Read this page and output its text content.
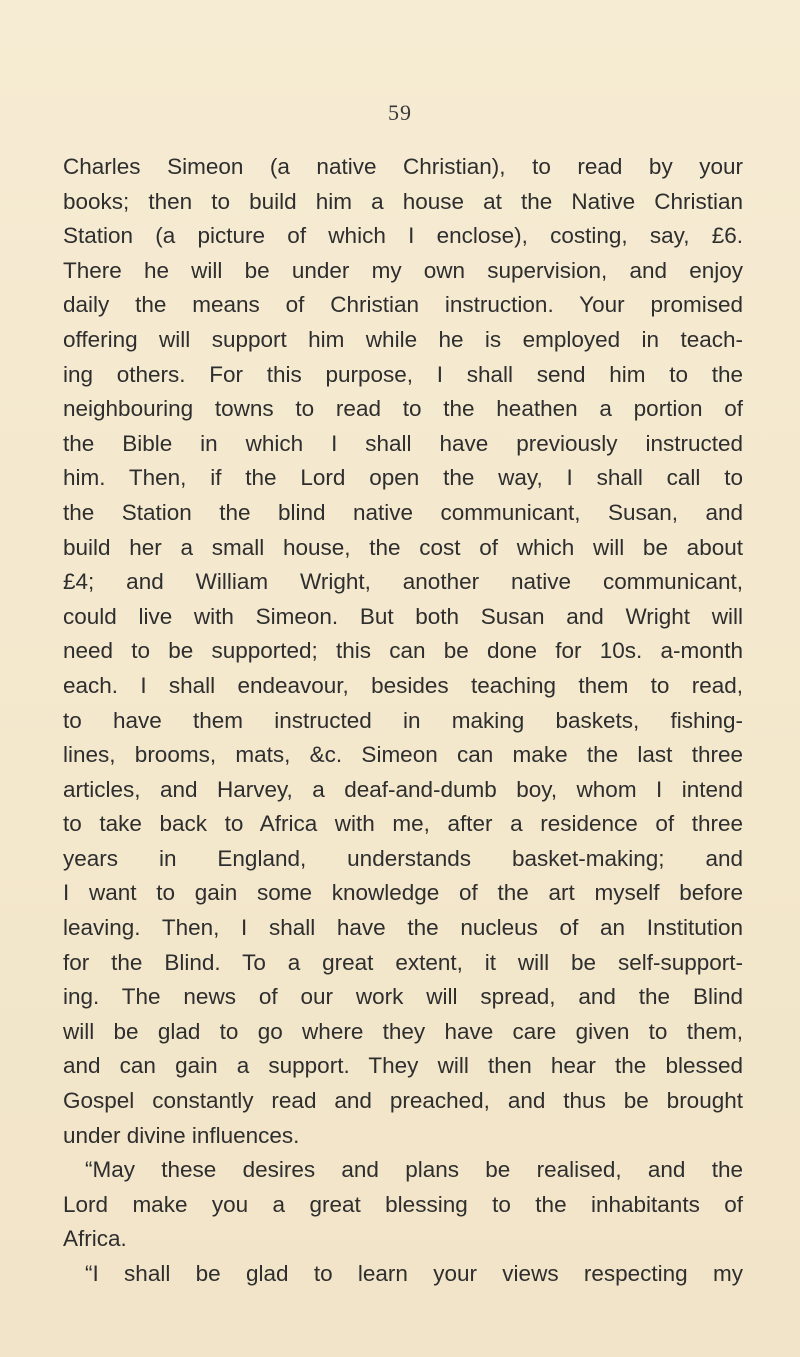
59
Charles Simeon (a native Christian), to read by your
books; then to build him a house at the Native Christian
Station (a picture of which I enclose), costing, say, £6.
There he will be under my own supervision, and enjoy
daily the means of Christian instruction. Your promised
offering will support him while he is employed in teach-
ing others. For this purpose, I shall send him to the
neighbouring towns to read to the heathen a portion of
the Bible in which I shall have previously instructed
him. Then, if the Lord open the way, I shall call to
the Station the blind native communicant, Susan, and
build her a small house, the cost of which will be about
£4; and William Wright, another native communicant,
could live with Simeon. But both Susan and Wright will
need to be supported; this can be done for 10s. a-month
each. I shall endeavour, besides teaching them to read,
to have them instructed in making baskets, fishing-
lines, brooms, mats, &c. Simeon can make the last three
articles, and Harvey, a deaf-and-dumb boy, whom I intend
to take back to Africa with me, after a residence of three
years in England, understands basket-making; and
I want to gain some knowledge of the art myself before
leaving. Then, I shall have the nucleus of an Institution
for the Blind. To a great extent, it will be self-support-
ing. The news of our work will spread, and the Blind
will be glad to go where they have care given to them,
and can gain a support. They will then hear the blessed
Gospel constantly read and preached, and thus be brought
under divine influences.
“May these desires and plans be realised, and the
Lord make you a great blessing to the inhabitants of
Africa.
“I shall be glad to learn your views respecting my
